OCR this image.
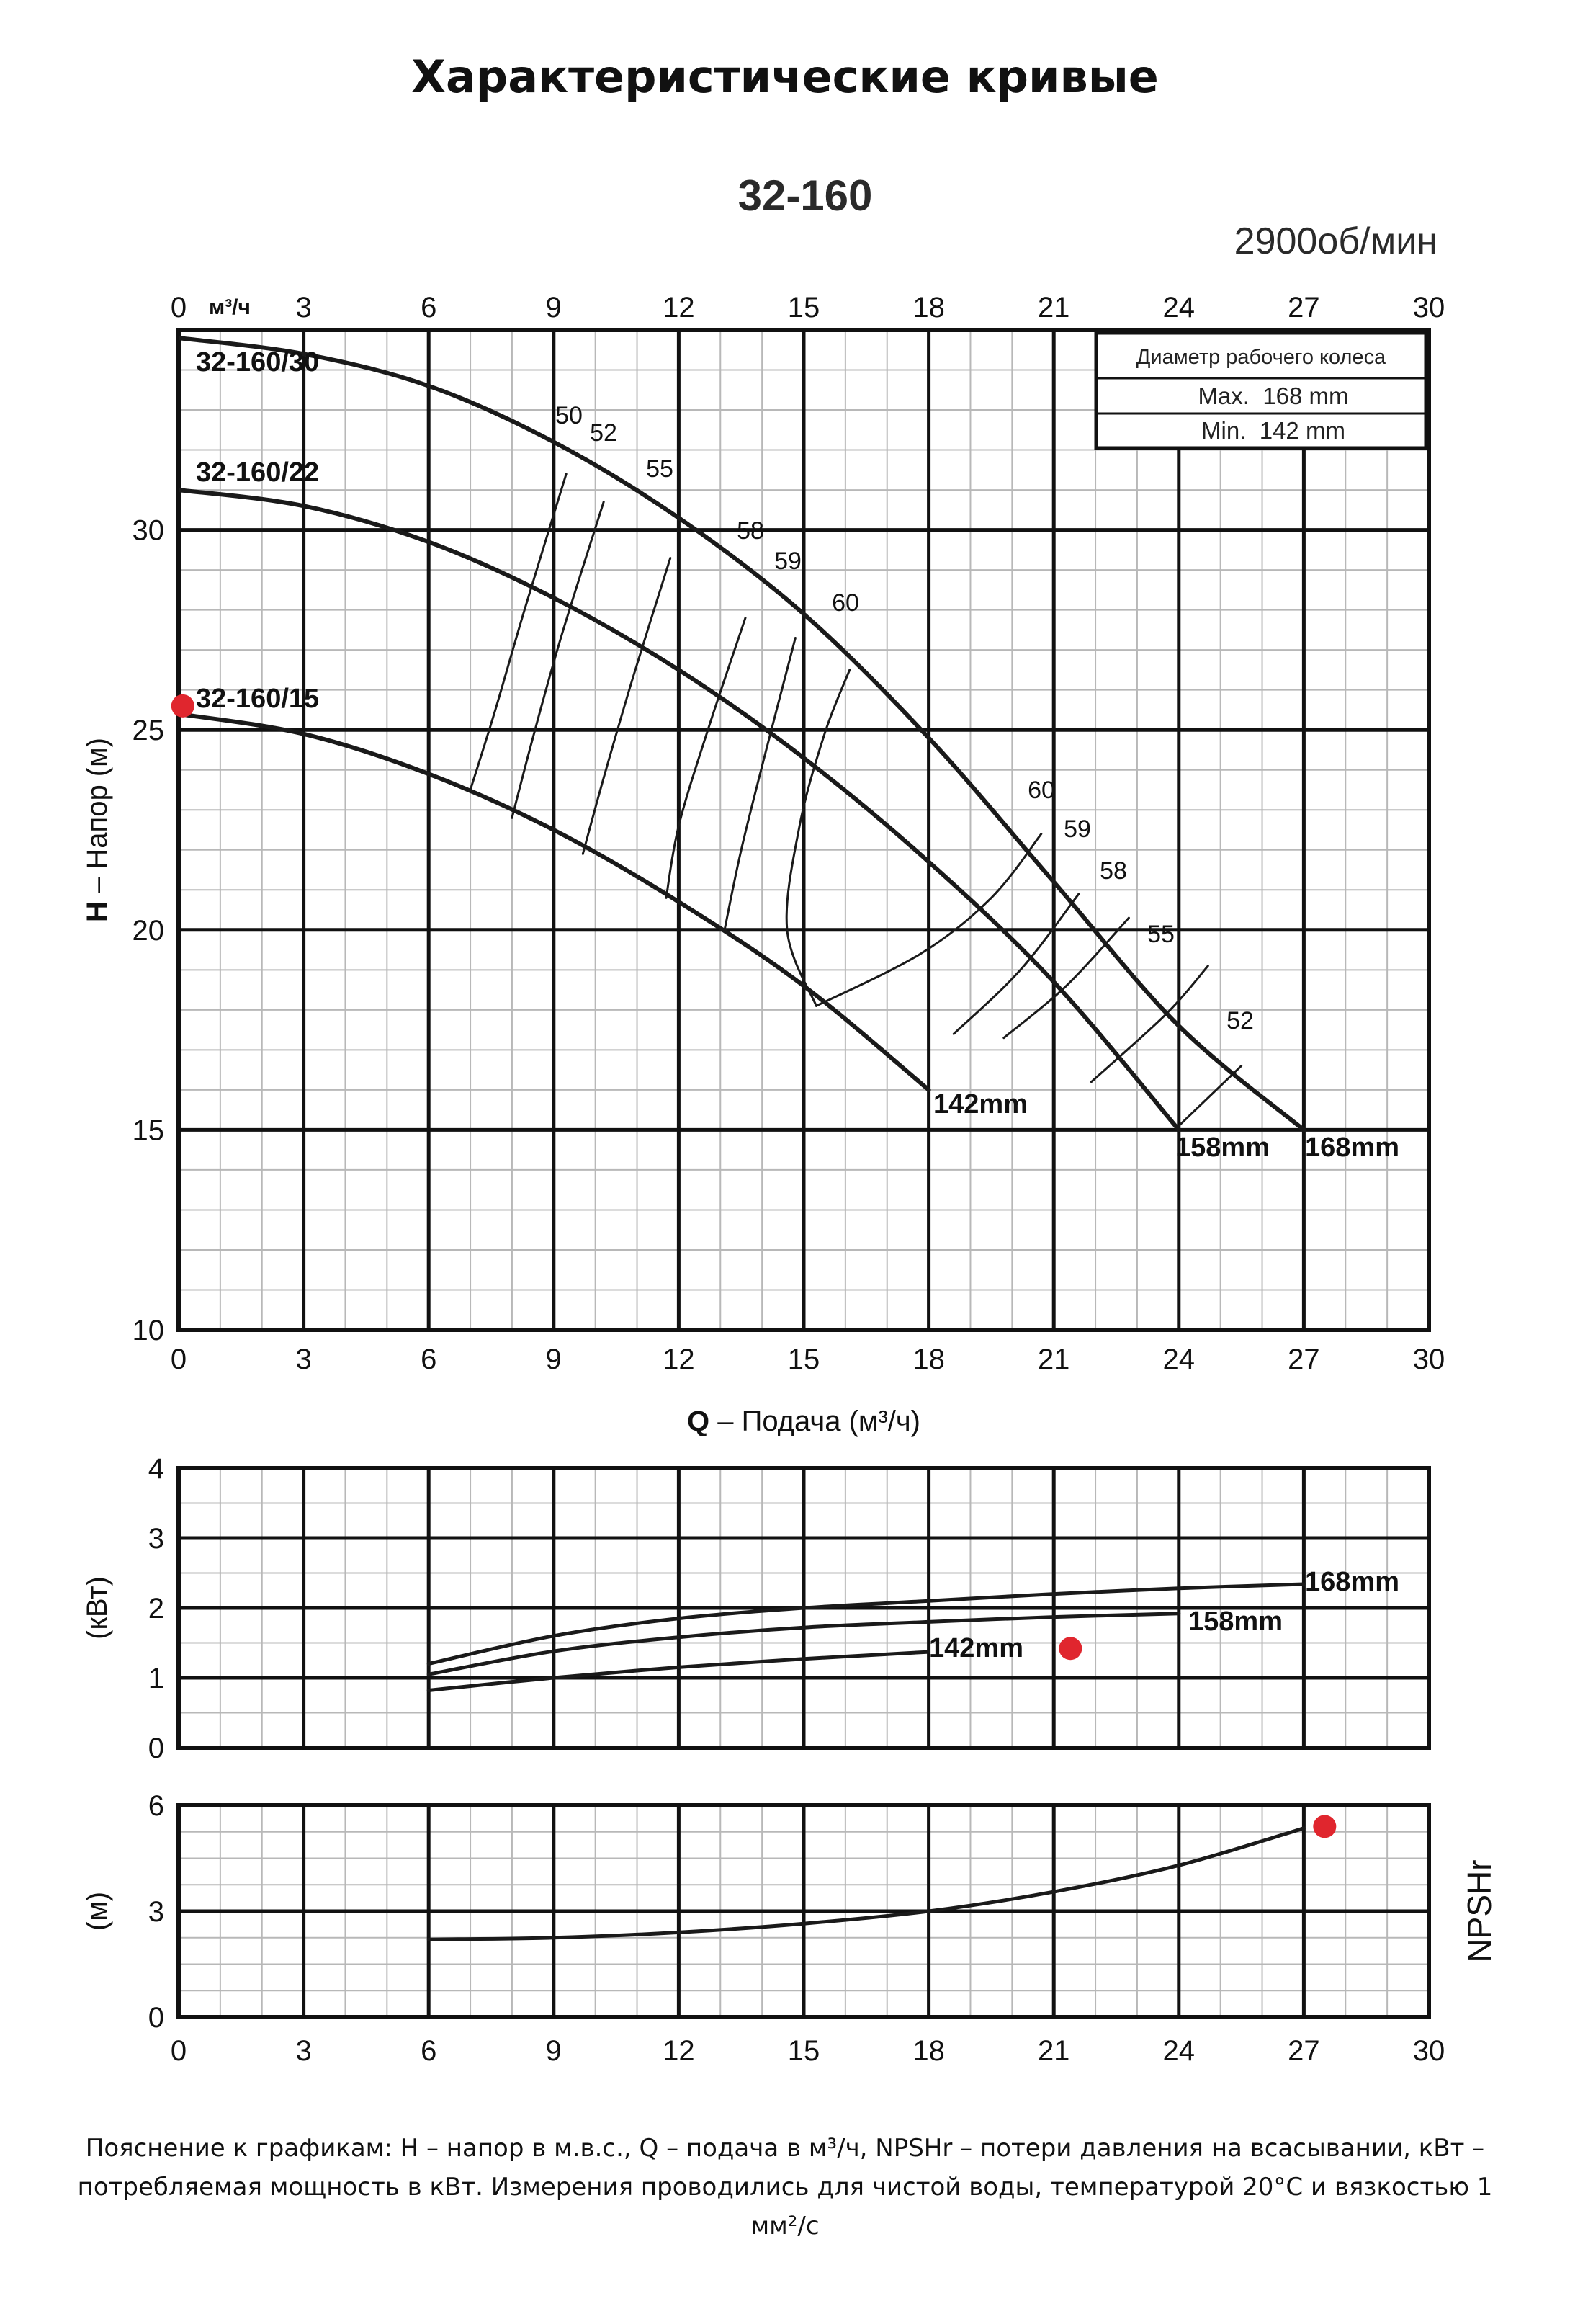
Характеристические кривые
32-160
2900об/мин
м³/ч
0	3	6	9	12	15	18	21	24	27	30
0	3	6	9	12	15	18	21	24	27	30
10
15
20
25
30
Q – Подача (м³/ч)
H – Напор (м)
50
52
52
55
55
58
58
59
59
60
60
32-160/30
168mm
32-160/22
158mm
32-160/15
142mm
Диаметр рабочего колеса
Max.  168 mm
Min.  142 mm
0
1
2
3
4
(кВт)	168mm
158mm
142mm
0
3
6
0	3	6	9	12	15	18	21	24	27	30
(м)	NPSHr
Пояснение к графикам: H – напор в м.в.с., Q – подача в м³/ч, NPSHr – потери давления на всасывании, кВт – потребляемая мощность в кВт. Измерения проводились для чистой воды, температурой 20°С и вязкостью 1 мм²/с
